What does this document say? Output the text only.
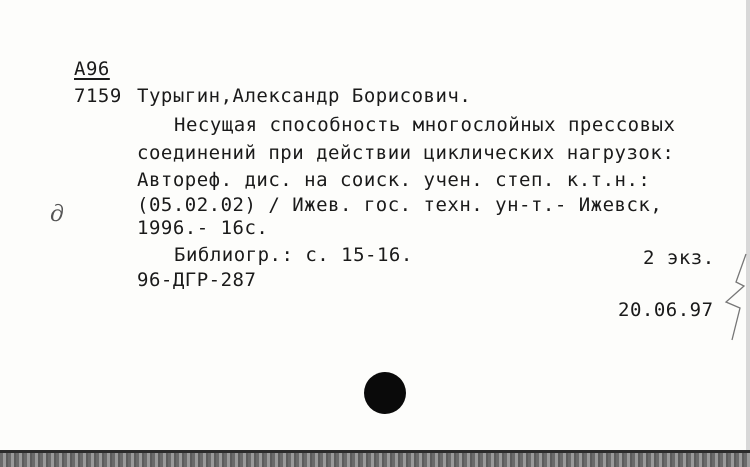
А96
7159 Турыгин,Александр Борисович.
Несущая способность многослойных прессовых
соединений при действии циклических нагрузок:
Автореф. дис. на соиск. учен. степ. к.т.н.:
(05.02.02) / Ижев. гос. техн. ун-т.- Ижевск,
1996.- 16с.
Библиогр.: с. 15-16.	2 экз.
96-ДГР-287
20.06.97
д
